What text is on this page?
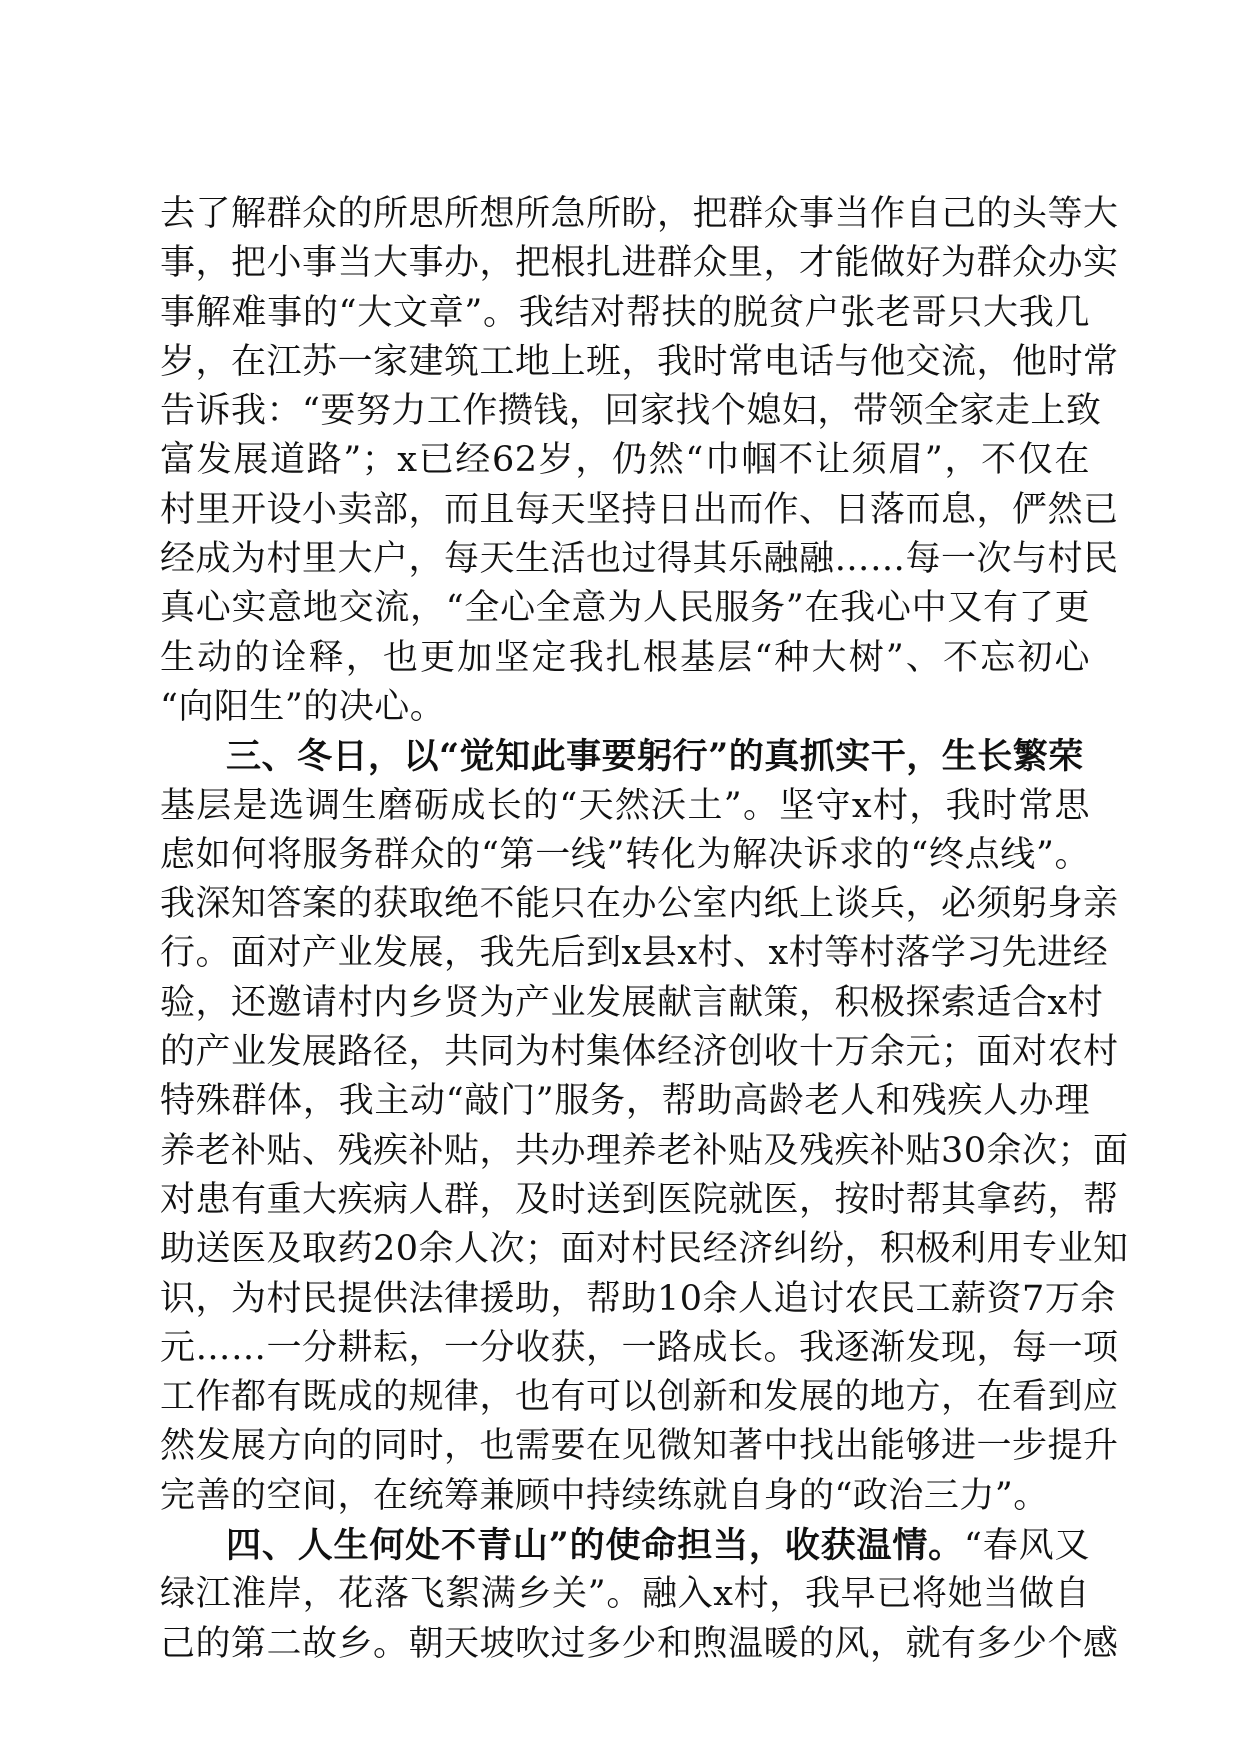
去了解群众的所思所想所急所盼，把群众事当作自己的头等大
事，把小事当大事办，把根扎进群众里，才能做好为群众办实
事解难事的“大文章”。我结对帮扶的脱贫户张老哥只大我几
岁，在江苏一家建筑工地上班，我时常电话与他交流，他时常
告诉我：“要努力工作攒钱，回家找个媳妇，带领全家走上致
富发展道路”；x已经62岁，仍然“巾帼不让须眉”，不仅在
村里开设小卖部，而且每天坚持日出而作、日落而息，俨然已
经成为村里大户，每天生活也过得其乐融融……每一次与村民
真心实意地交流，“全心全意为人民服务”在我心中又有了更
生动的诠释，也更加坚定我扎根基层“种大树”、不忘初心
“向阳生”的决心。
三、冬日，以“觉知此事要躬行”的真抓实干，生长繁荣
基层是选调生磨砺成长的“天然沃土”。坚守x村，我时常思
虑如何将服务群众的“第一线”转化为解决诉求的“终点线”。
我深知答案的获取绝不能只在办公室内纸上谈兵，必须躬身亲
行。面对产业发展，我先后到x县x村、x村等村落学习先进经
验，还邀请村内乡贤为产业发展献言献策，积极探索适合x村
的产业发展路径，共同为村集体经济创收十万余元；面对农村
特殊群体，我主动“敲门”服务，帮助高龄老人和残疾人办理
养老补贴、残疾补贴，共办理养老补贴及残疾补贴30余次；面
对患有重大疾病人群，及时送到医院就医，按时帮其拿药，帮
助送医及取药20余人次；面对村民经济纠纷，积极利用专业知
识，为村民提供法律援助，帮助10余人追讨农民工薪资7万余
元……一分耕耘，一分收获，一路成长。我逐渐发现，每一项
工作都有既成的规律，也有可以创新和发展的地方，在看到应
然发展方向的同时，也需要在见微知著中找出能够进一步提升
完善的空间，在统筹兼顾中持续练就自身的“政治三力”。
四、人生何处不青山”的使命担当，收获温情。“春风又
绿江淮岸，花落飞絮满乡关”。融入x村，我早已将她当做自
己的第二故乡。朝天坡吹过多少和煦温暖的风，就有多少个感
